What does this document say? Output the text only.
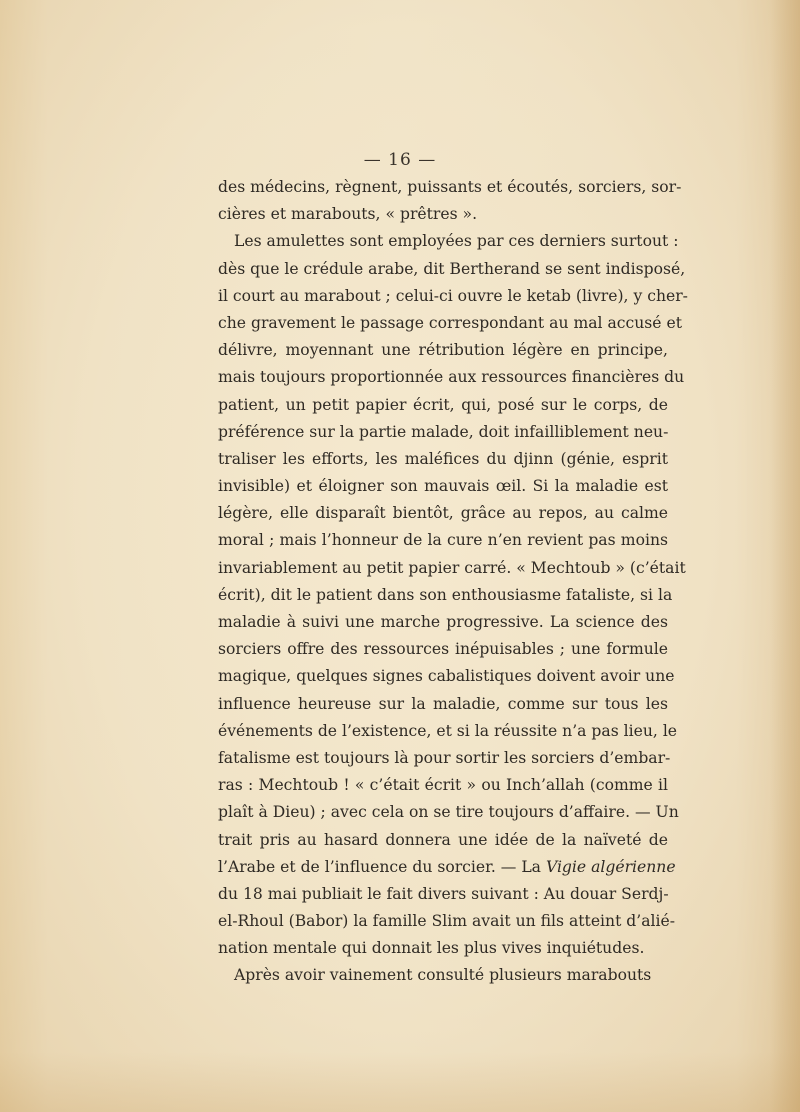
— 16 —
des médecins, règnent, puissants et écoutés, sorciers, sor-
cières et marabouts, « prêtres ».
Les amulettes sont employées par ces derniers surtout :
dès que le crédule arabe, dit Bertherand se sent indisposé,
il court au marabout ; celui-ci ouvre le ketab (livre), y cher-
che gravement le passage correspondant au mal accusé et
délivre, moyennant une rétribution légère en principe,
mais toujours proportionnée aux ressources financières du
patient, un petit papier écrit, qui, posé sur le corps, de
préférence sur la partie malade, doit infailliblement neu-
traliser les efforts, les maléfices du djinn (génie, esprit
invisible) et éloigner son mauvais œil. Si la maladie est
légère, elle disparaît bientôt, grâce au repos, au calme
moral ; mais l’honneur de la cure n’en revient pas moins
invariablement au petit papier carré. « Mechtoub » (c’était
écrit), dit le patient dans son enthousiasme fataliste, si la
maladie à suivi une marche progressive. La science des
sorciers offre des ressources inépuisables ; une formule
magique, quelques signes cabalistiques doivent avoir une
influence heureuse sur la maladie, comme sur tous les
événements de l’existence, et si la réussite n’a pas lieu, le
fatalisme est toujours là pour sortir les sorciers d’embar-
ras : Mechtoub ! « c’était écrit » ou Inch’allah (comme il
plaît à Dieu) ; avec cela on se tire toujours d’affaire. — Un
trait pris au hasard donnera une idée de la naïveté de
l’Arabe et de l’influence du sorcier. — La Vigie algérienne
du 18 mai publiait le fait divers suivant : Au douar Serdj-
el-Rhoul (Babor) la famille Slim avait un fils atteint d’alié-
nation mentale qui donnait les plus vives inquiétudes.
Après avoir vainement consulté plusieurs marabouts
